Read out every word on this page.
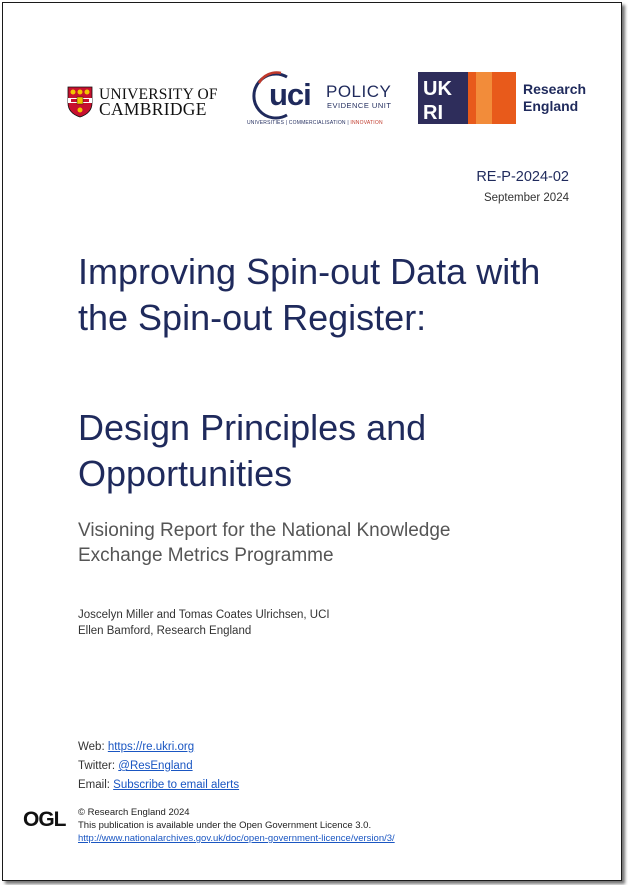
UNIVERSITY OF
CAMBRIDGE	uci POLICY
EVIDENCE UNIT
UNIVERSITIES | COMMERCIALISATION | INNOVATION
UK
RI
Research
England
RE-P-2024-02
September 2024
Improving Spin-out Data with the Spin-out Register:
Design Principles and Opportunities
Visioning Report for the National Knowledge Exchange Metrics Programme
Joscelyn Miller and Tomas Coates Ulrichsen, UCI
Ellen Bamford, Research England
Web: https://re.ukri.org
Twitter: @ResEngland
Email: Subscribe to email alerts
OGL © Research England 2024
This publication is available under the Open Government Licence 3.0.
http://www.nationalarchives.gov.uk/doc/open-government-licence/version/3/
